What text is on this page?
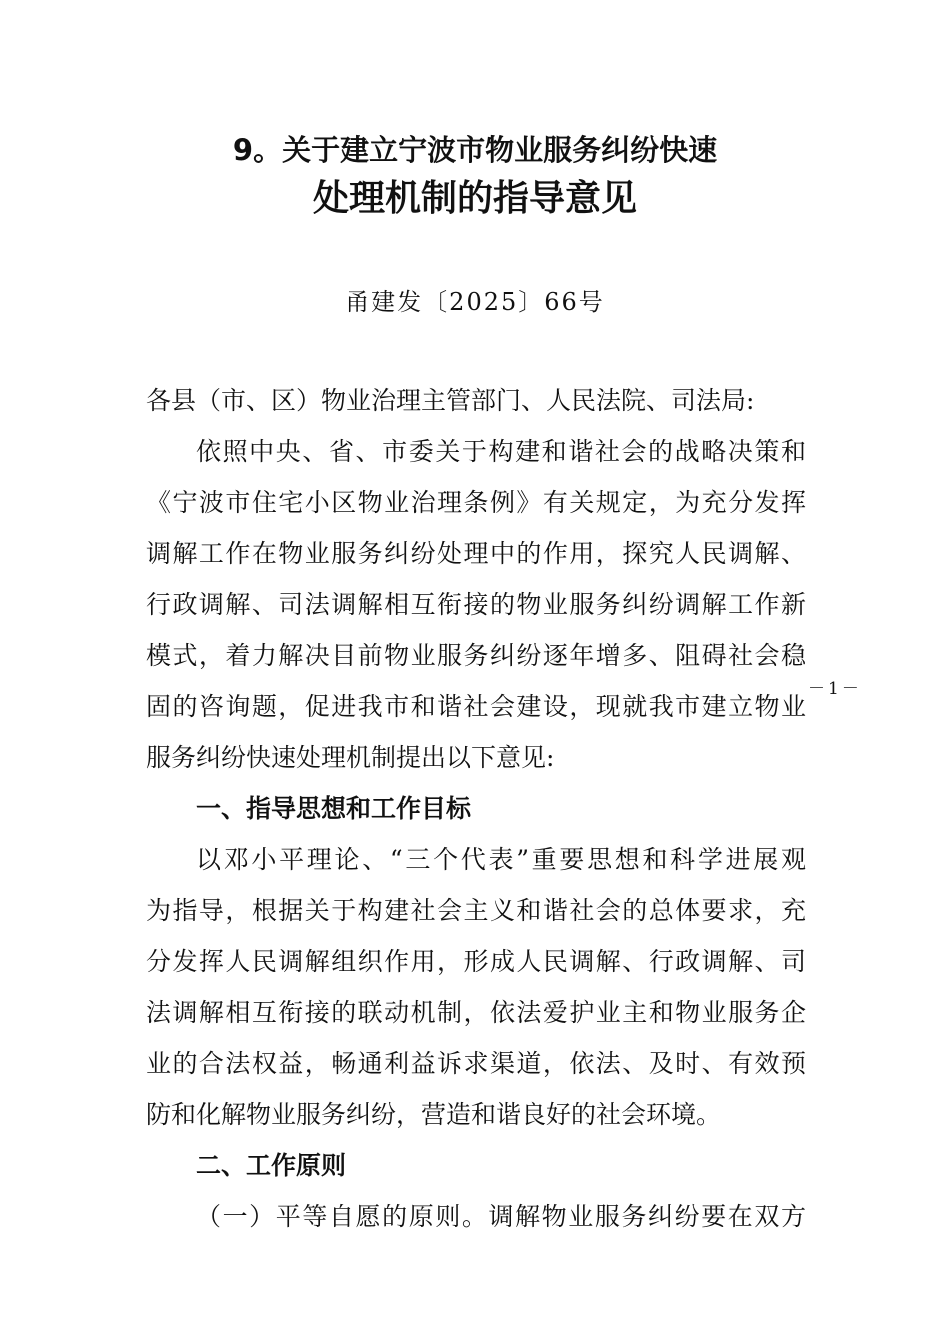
9。关于建立宁波市物业服务纠纷快速
处理机制的指导意见
甬建发〔2025〕66号
各县（市、区）物业治理主管部门、人民法院、司法局:
依照中央、省、市委关于构建和谐社会的战略决策和
《宁波市住宅小区物业治理条例》有关规定，为充分发挥
调解工作在物业服务纠纷处理中的作用，探究人民调解、
行政调解、司法调解相互衔接的物业服务纠纷调解工作新
模式，着力解决目前物业服务纠纷逐年增多、阻碍社会稳
固的咨询题，促进我市和谐社会建设，现就我市建立物业
服务纠纷快速处理机制提出以下意见:
一、指导思想和工作目标
以邓小平理论、“三个代表”重要思想和科学进展观
为指导，根据关于构建社会主义和谐社会的总体要求，充
分发挥人民调解组织作用，形成人民调解、行政调解、司
法调解相互衔接的联动机制，依法爱护业主和物业服务企
业的合法权益，畅通利益诉求渠道，依法、及时、有效预
防和化解物业服务纠纷，营造和谐良好的社会环境。
二、工作原则
（一）平等自愿的原则。调解物业服务纠纷要在双方
－1－
